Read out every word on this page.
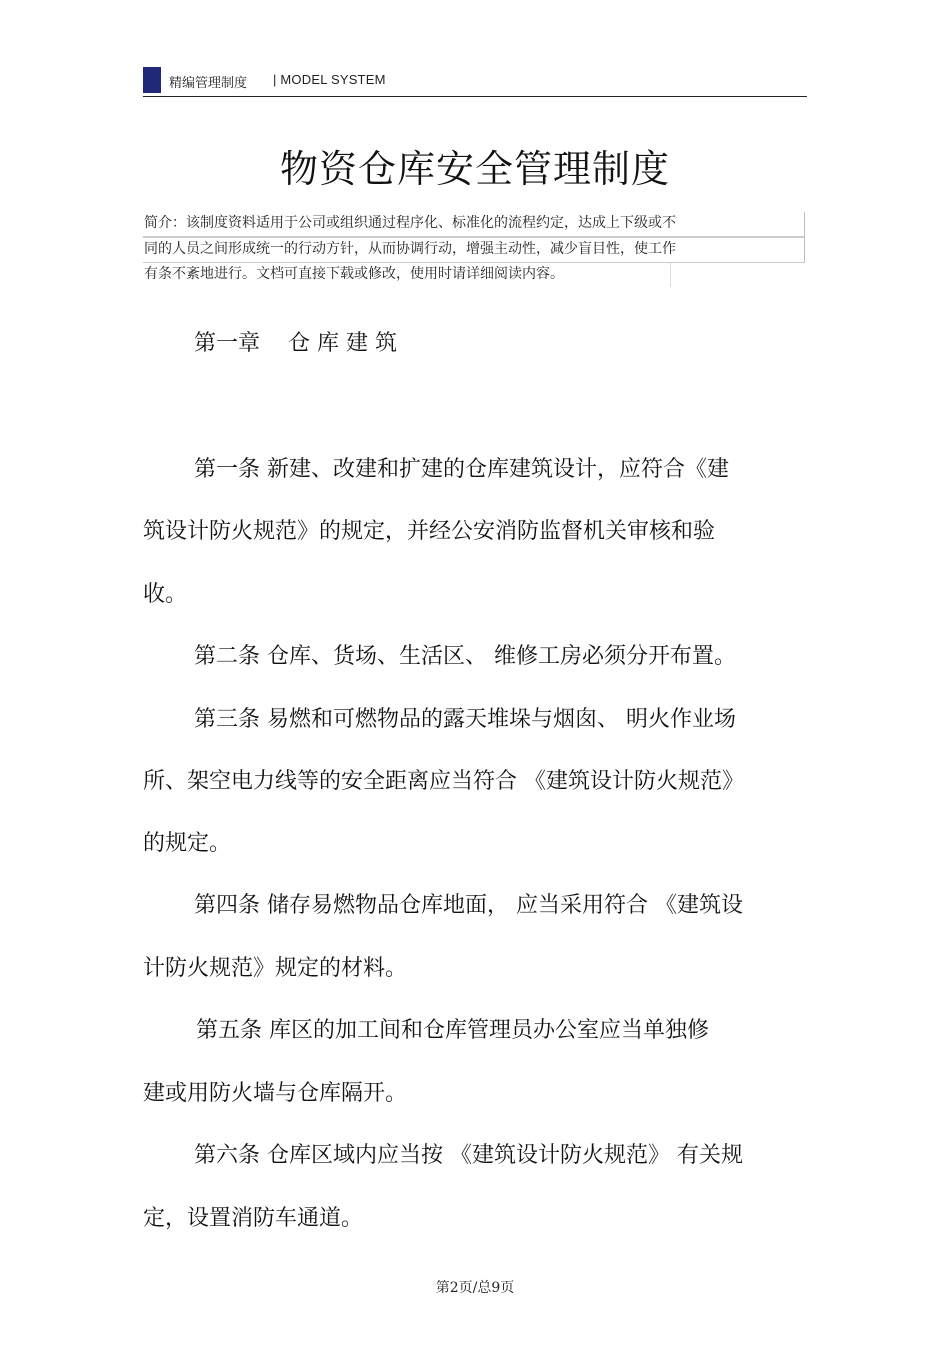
精编管理制度 | MODEL SYSTEM
物资仓库安全管理制度
简介：该制度资料适用于公司或组织通过程序化、标准化的流程约定，达成上下级或不
同的人员之间形成统一的行动方针，从而协调行动，增强主动性，减少盲目性，使工作
有条不紊地进行。文档可直接下载或修改，使用时请详细阅读内容。
第一章 仓 库 建 筑
第一条 新建、改建和扩建的仓库建筑设计，应符合《建
筑设计防火规范》的规定，并经公安消防监督机关审核和验
收。
第二条 仓库、货场、生活区、 维修工房必须分开布置。
第三条 易燃和可燃物品的露天堆垛与烟囱、 明火作业场
所、架空电力线等的安全距离应当符合 《建筑设计防火规范》
的规定。
第四条 储存易燃物品仓库地面， 应当采用符合 《建筑设
计防火规范》规定的材料。
第五条 库区的加工间和仓库管理员办公室应当单独修
建或用防火墙与仓库隔开。
第六条 仓库区域内应当按 《建筑设计防火规范》 有关规
定，设置消防车通道。
第2页/总9页
